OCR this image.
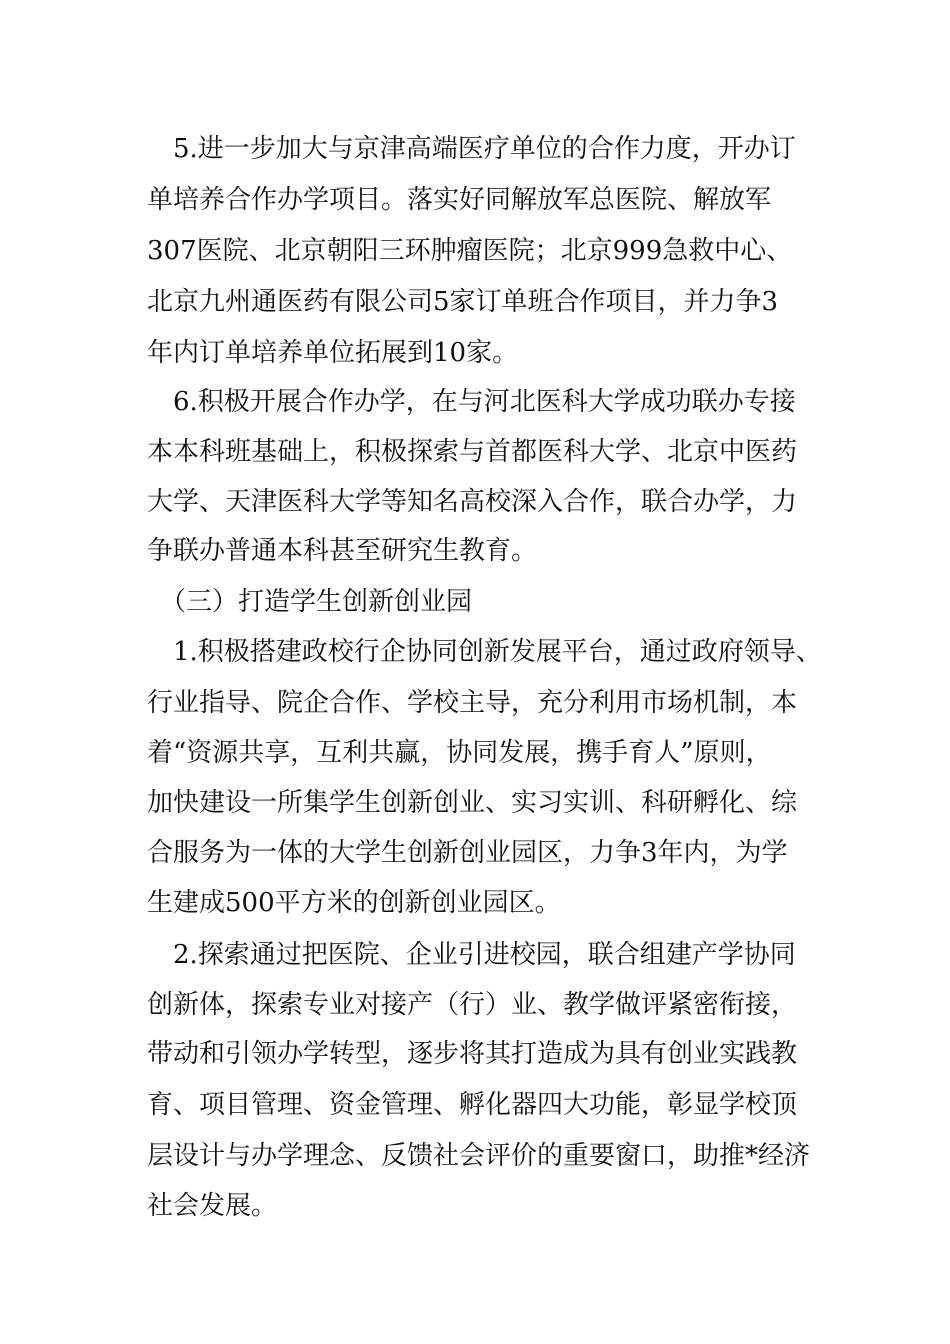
　5.进一步加大与京津高端医疗单位的合作力度，开办订
单培养合作办学项目。落实好同解放军总医院、解放军
307医院、北京朝阳三环肿瘤医院；北京999急救中心、
北京九州通医药有限公司5家订单班合作项目，并力争3
年内订单培养单位拓展到10家。
　6.积极开展合作办学，在与河北医科大学成功联办专接
本本科班基础上，积极探索与首都医科大学、北京中医药
大学、天津医科大学等知名高校深入合作，联合办学，力
争联办普通本科甚至研究生教育。
　（三）打造学生创新创业园
　1.积极搭建政校行企协同创新发展平台，通过政府领导、
行业指导、院企合作、学校主导，充分利用市场机制，本
着“资源共享，互利共赢，协同发展，携手育人”原则，
加快建设一所集学生创新创业、实习实训、科研孵化、综
合服务为一体的大学生创新创业园区，力争3年内，为学
生建成500平方米的创新创业园区。
　2.探索通过把医院、企业引进校园，联合组建产学协同
创新体，探索专业对接产（行）业、教学做评紧密衔接，
带动和引领办学转型，逐步将其打造成为具有创业实践教
育、项目管理、资金管理、孵化器四大功能，彰显学校顶
层设计与办学理念、反馈社会评价的重要窗口，助推*经济
社会发展。
